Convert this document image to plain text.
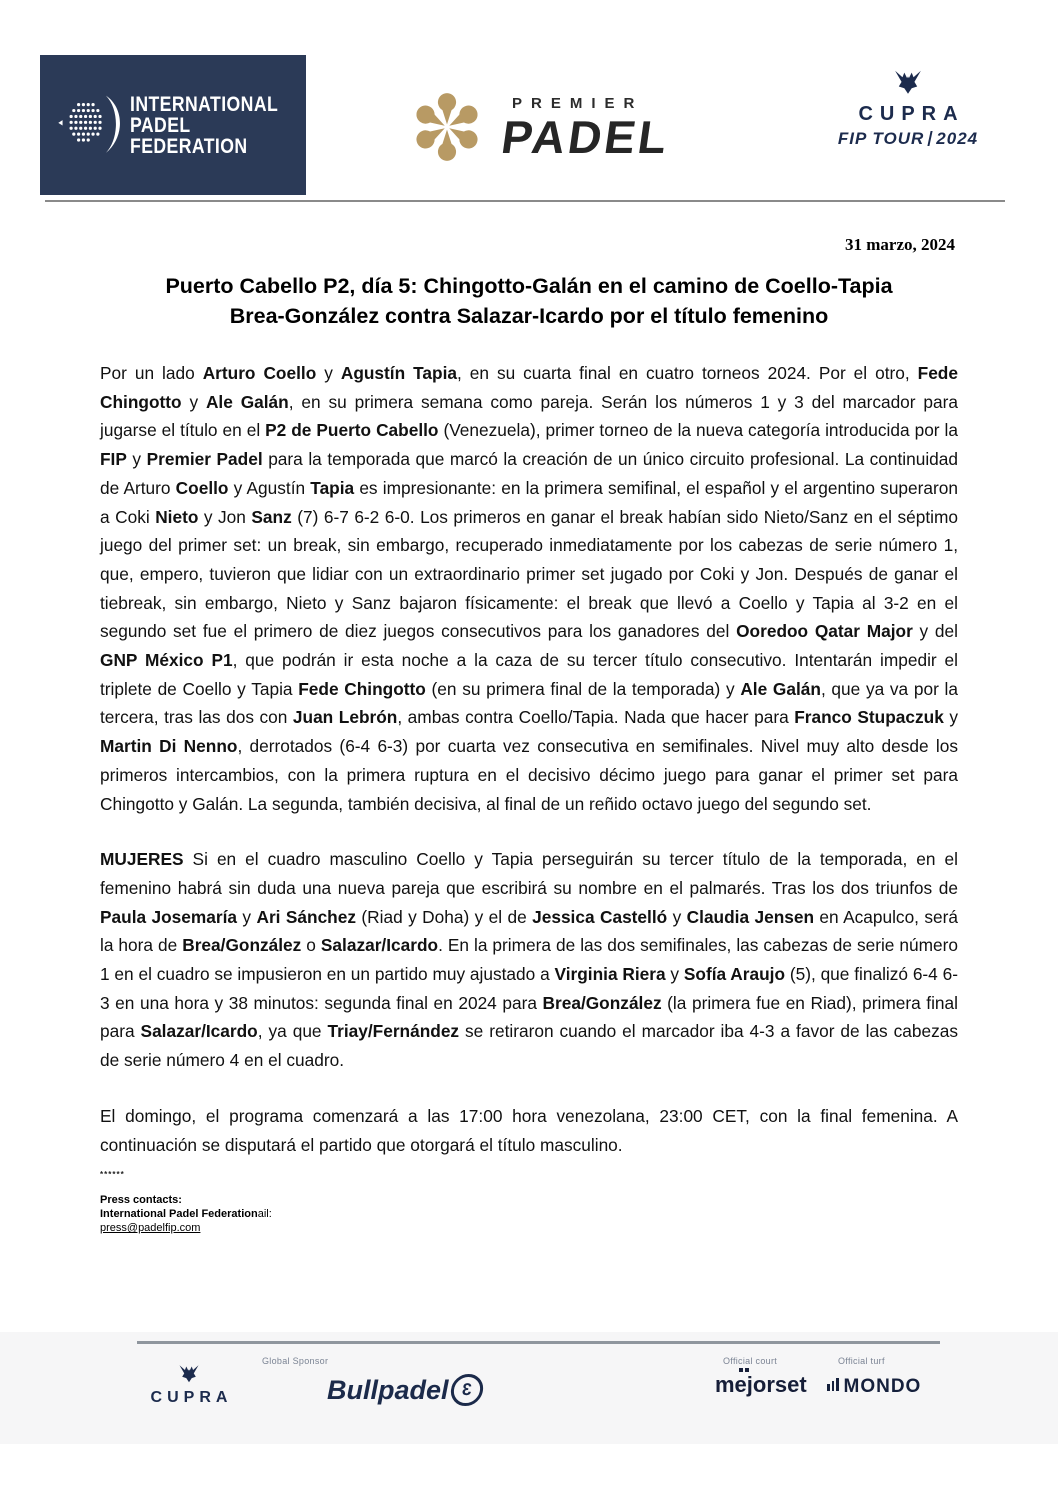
INTERNATIONAL
PADEL
FEDERATION
PREMIER
PADEL	CUPRA
FIP TOUR 2024
31 marzo, 2024
Puerto Cabello P2, día 5: Chingotto-Galán en el camino de Coello-Tapia
Brea-González contra Salazar-Icardo por el título femenino

Por un lado Arturo Coello y Agustín Tapia, en su cuarta final en cuatro torneos 2024. Por el otro, Fede Chingotto y Ale Galán, en su primera semana como pareja. Serán los números 1 y 3 del marcador para jugarse el título en el P2 de Puerto Cabello (Venezuela), primer torneo de la nueva categoría introducida por la FIP y Premier Padel para la temporada que marcó la creación de un único circuito profesional. La continuidad de Arturo Coello y Agustín Tapia es impresionante: en la primera semifinal, el español y el argentino superaron a Coki Nieto y Jon Sanz (7) 6-7 6-2 6-0. Los primeros en ganar el break habían sido Nieto/Sanz en el séptimo juego del primer set: un break, sin embargo, recuperado inmediatamente por los cabezas de serie número 1, que, empero, tuvieron que lidiar con un extraordinario primer set jugado por Coki y Jon. Después de ganar el tiebreak, sin embargo, Nieto y Sanz bajaron físicamente: el break que llevó a Coello y Tapia al 3-2 en el segundo set fue el primero de diez juegos consecutivos para los ganadores del Ooredoo Qatar Major y del GNP México P1, que podrán ir esta noche a la caza de su tercer título consecutivo. Intentarán impedir el triplete de Coello y Tapia Fede Chingotto (en su primera final de la temporada) y Ale Galán, que ya va por la tercera, tras las dos con Juan Lebrón, ambas contra Coello/Tapia. Nada que hacer para Franco Stupaczuk y Martin Di Nenno, derrotados (6-4 6-3) por cuarta vez consecutiva en semifinales. Nivel muy alto desde los primeros intercambios, con la primera ruptura en el decisivo décimo juego para ganar el primer set para Chingotto y Galán. La segunda, también decisiva, al final de un reñido octavo juego del segundo set.

MUJERES Si en el cuadro masculino Coello y Tapia perseguirán su tercer título de la temporada, en el femenino habrá sin duda una nueva pareja que escribirá su nombre en el palmarés. Tras los dos triunfos de Paula Josemaría y Ari Sánchez (Riad y Doha) y el de Jessica Castelló y Claudia Jensen en Acapulco, será la hora de Brea/González o Salazar/Icardo. En la primera de las dos semifinales, las cabezas de serie número 1 en el cuadro se impusieron en un partido muy ajustado a Virginia Riera y Sofía Araujo (5), que finalizó 6-4 6-3 en una hora y 38 minutos: segunda final en 2024 para Brea/González (la primera fue en Riad), primera final para Salazar/Icardo, ya que Triay/Fernández se retiraron cuando el marcador iba 4-3 a favor de las cabezas de serie número 4 en el cuadro.

El domingo, el programa comenzará a las 17:00 hora venezolana, 23:00 CET, con la final femenina. A continuación se disputará el partido que otorgará el título masculino.

******
Press contacts:
International Padel Federationail:
press@padelfip.com
CUPRA
Global Sponsor
Bullpadel 3
Official court
mejorset
Official turf
MONDO
